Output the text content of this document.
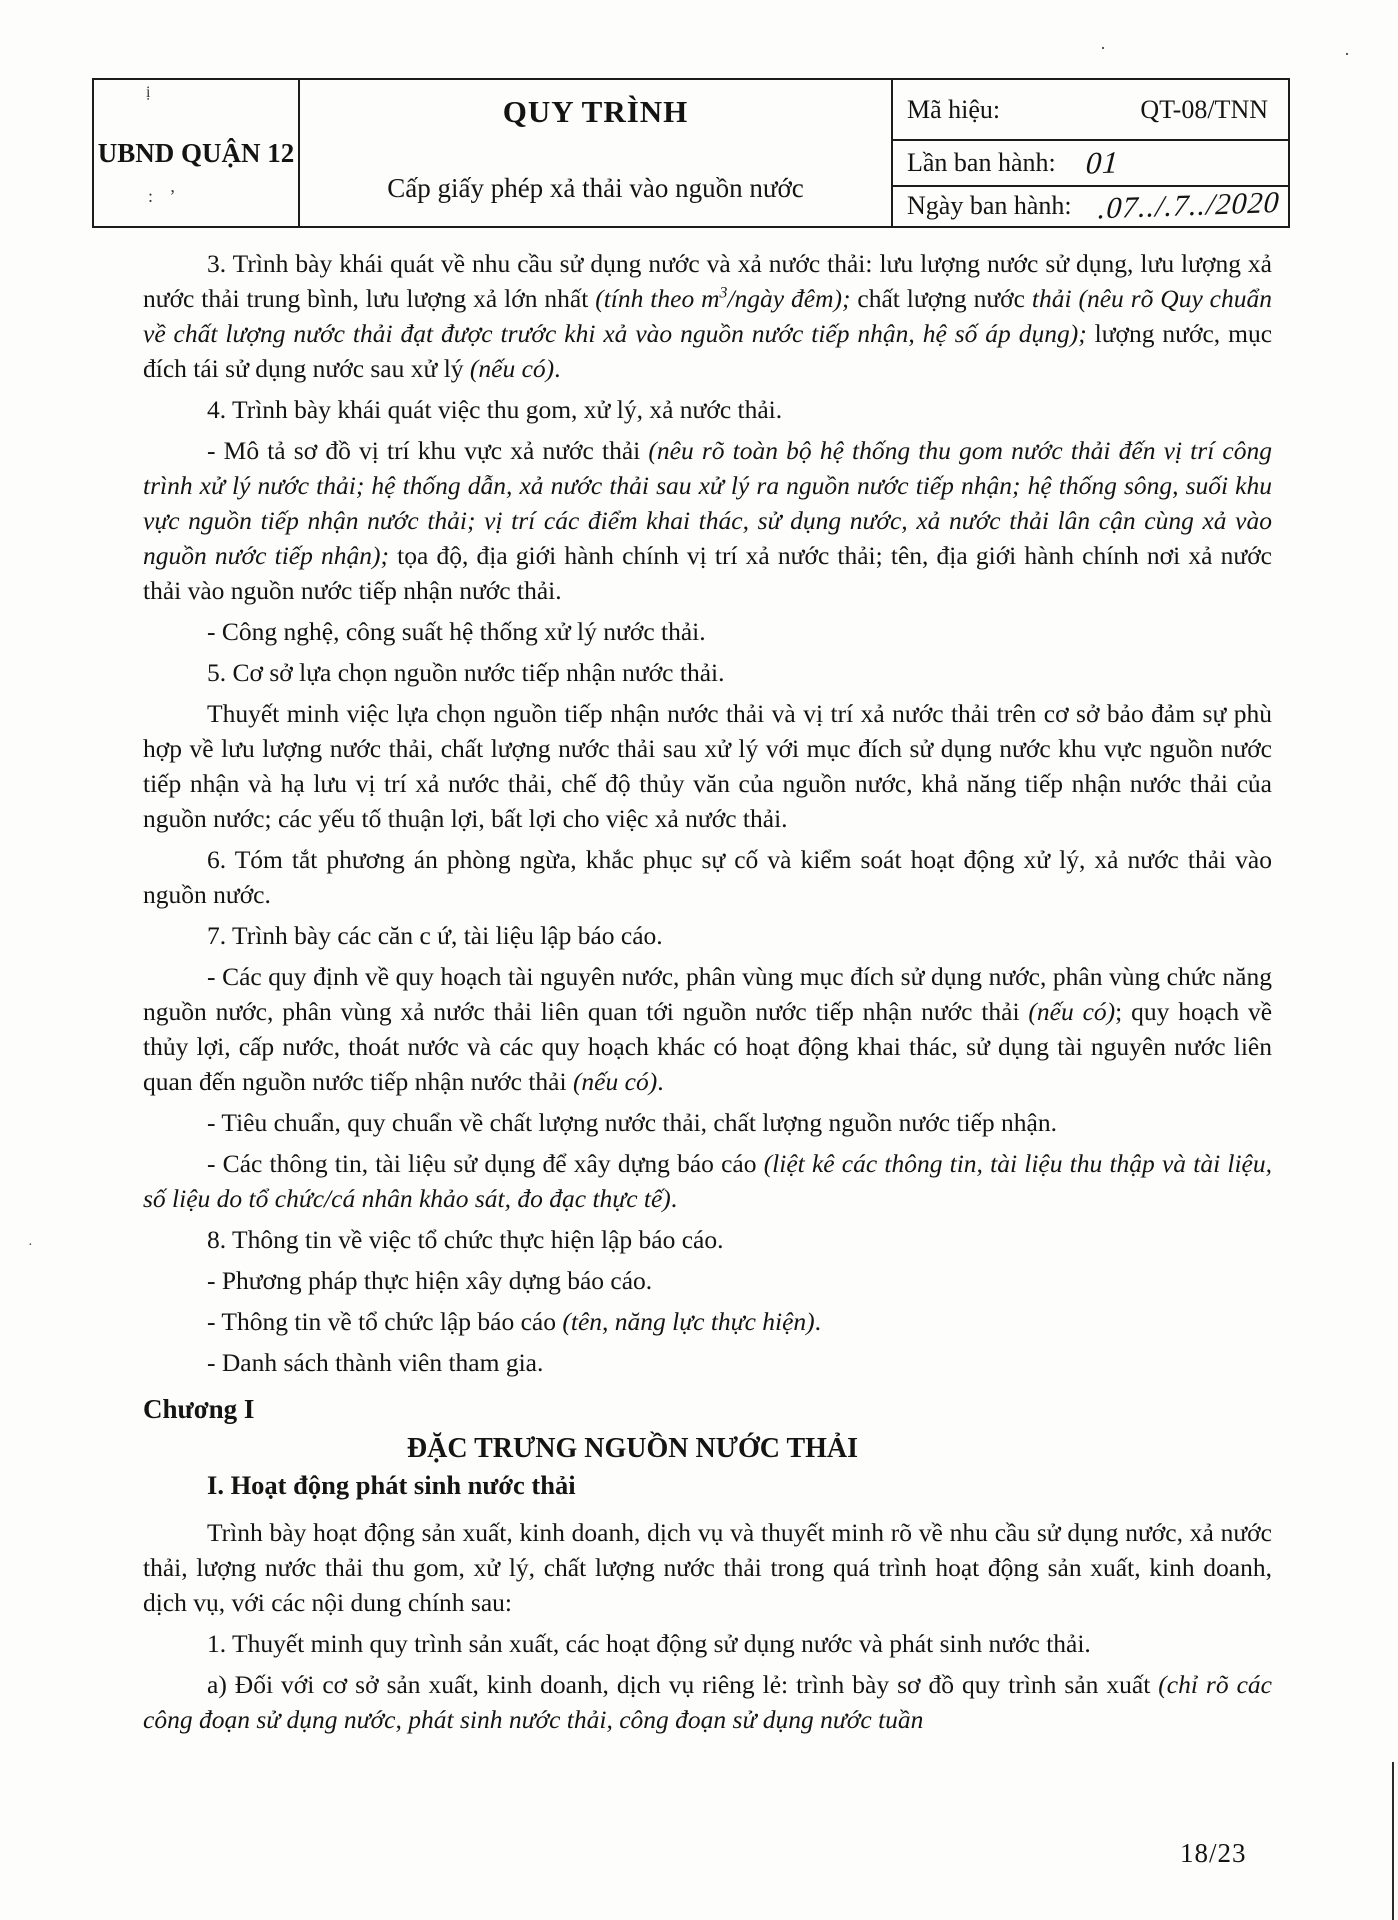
UBND QUẬN 12
QUY TRÌNH
Cấp giấy phép xả thải vào nguồn nước
Mã hiệu:	QT-08/TNN
Lần ban hành: 01
Ngày ban hành: .07../.7../2020

3. Trình bày khái quát về nhu cầu sử dụng nước và xả nước thải: lưu lượng nước sử dụng, lưu lượng xả nước thải trung bình, lưu lượng xả lớn nhất (tính theo $m^3$/ngày đêm); chất lượng nước thải (nêu rõ Quy chuẩn về chất lượng nước thải đạt được trước khi xả vào nguồn nước tiếp nhận, hệ số áp dụng); lượng nước, mục đích tái sử dụng nước sau xử lý (nếu có).

4. Trình bày khái quát việc thu gom, xử lý, xả nước thải.

- Mô tả sơ đồ vị trí khu vực xả nước thải (nêu rõ toàn bộ hệ thống thu gom nước thải đến vị trí công trình xử lý nước thải; hệ thống dẫn, xả nước thải sau xử lý ra nguồn nước tiếp nhận; hệ thống sông, suối khu vực nguồn tiếp nhận nước thải; vị trí các điểm khai thác, sử dụng nước, xả nước thải lân cận cùng xả vào nguồn nước tiếp nhận); tọa độ, địa giới hành chính vị trí xả nước thải; tên, địa giới hành chính nơi xả nước thải vào nguồn nước tiếp nhận nước thải.

- Công nghệ, công suất hệ thống xử lý nước thải.

5. Cơ sở lựa chọn nguồn nước tiếp nhận nước thải.

Thuyết minh việc lựa chọn nguồn tiếp nhận nước thải và vị trí xả nước thải trên cơ sở bảo đảm sự phù hợp về lưu lượng nước thải, chất lượng nước thải sau xử lý với mục đích sử dụng nước khu vực nguồn nước tiếp nhận và hạ lưu vị trí xả nước thải, chế độ thủy văn của nguồn nước, khả năng tiếp nhận nước thải của nguồn nước; các yếu tố thuận lợi, bất lợi cho việc xả nước thải.

6. Tóm tắt phương án phòng ngừa, khắc phục sự cố và kiểm soát hoạt động xử lý, xả nước thải vào nguồn nước.

7. Trình bày các căn c ứ, tài liệu lập báo cáo.

- Các quy định về quy hoạch tài nguyên nước, phân vùng mục đích sử dụng nước, phân vùng chức năng nguồn nước, phân vùng xả nước thải liên quan tới nguồn nước tiếp nhận nước thải (nếu có); quy hoạch về thủy lợi, cấp nước, thoát nước và các quy hoạch khác có hoạt động khai thác, sử dụng tài nguyên nước liên quan đến nguồn nước tiếp nhận nước thải (nếu có).

- Tiêu chuẩn, quy chuẩn về chất lượng nước thải, chất lượng nguồn nước tiếp nhận.

- Các thông tin, tài liệu sử dụng để xây dựng báo cáo (liệt kê các thông tin, tài liệu thu thập và tài liệu, số liệu do tổ chức/cá nhân khảo sát, đo đạc thực tế).

8. Thông tin về việc tổ chức thực hiện lập báo cáo.

- Phương pháp thực hiện xây dựng báo cáo.

- Thông tin về tổ chức lập báo cáo (tên, năng lực thực hiện).

- Danh sách thành viên tham gia.

Chương I

ĐẶC TRƯNG NGUỒN NƯỚC THẢI

I. Hoạt động phát sinh nước thải

Trình bày hoạt động sản xuất, kinh doanh, dịch vụ và thuyết minh rõ về nhu cầu sử dụng nước, xả nước thải, lượng nước thải thu gom, xử lý, chất lượng nước thải trong quá trình hoạt động sản xuất, kinh doanh, dịch vụ, với các nội dung chính sau:

1. Thuyết minh quy trình sản xuất, các hoạt động sử dụng nước và phát sinh nước thải.

a) Đối với cơ sở sản xuất, kinh doanh, dịch vụ riêng lẻ: trình bày sơ đồ quy trình sản xuất (chỉ rõ các công đoạn sử dụng nước, phát sinh nước thải, công đoạn sử dụng nước tuần

18/23
ị
: ʼ
·	·
·
